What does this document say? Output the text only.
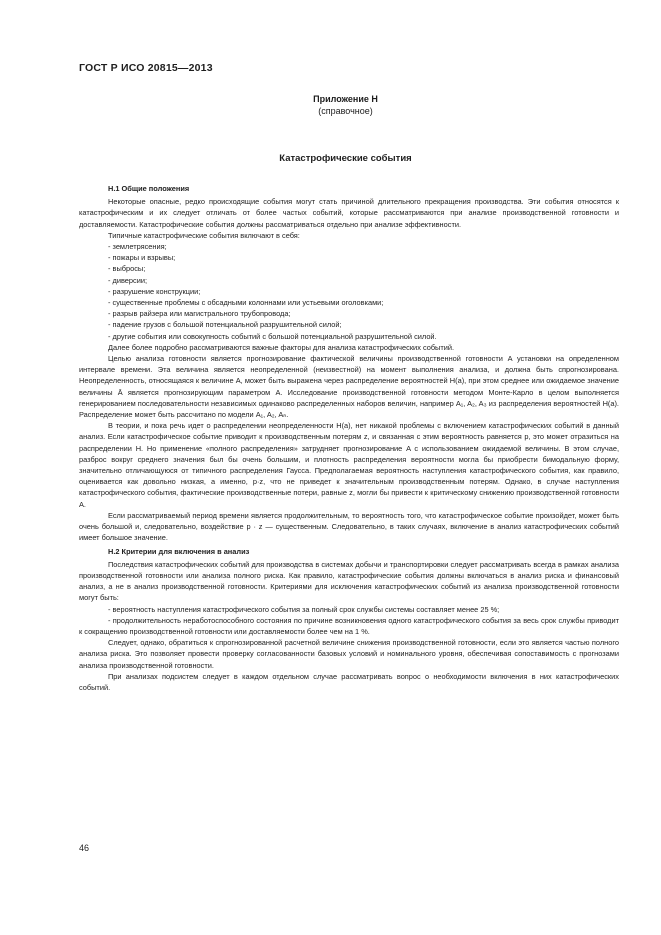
ГОСТ Р ИСО 20815—2013
Приложение Н
(справочное)
Катастрофические события

Н.1 Общие положения

Некоторые опасные, редко происходящие события могут стать причиной длительного прекращения производства. Эти события относятся к катастрофическим и их следует отличать от более частых событий, которые рассматриваются при анализе производственной готовности и доставляемости. Катастрофические события должны рассматриваться отдельно при анализе эффективности.

Типичные катастрофические события включают в себя:

- землетрясения;

- пожары и взрывы;

- выбросы;

- диверсии;

- разрушение конструкции;

- существенные проблемы с обсадными колоннами или устьевыми оголовками;

- разрыв райзера или магистрального трубопровода;

- падение грузов с большой потенциальной разрушительной силой;

- другие события или совокупность событий с большой потенциальной разрушительной силой.

Далее более подробно рассматриваются важные факторы для анализа катастрофических событий.

Целью анализа готовности является прогнозирование фактической величины производственной готовности A установки на определенном интервале времени. Эта величина является неопределенной (неизвестной) на момент выполнения анализа, и должна быть спрогнозирована. Неопределенность, относящаяся к величине A, может быть выражена через распределение вероятностей H(a), при этом среднее или ожидаемое значение величины Ā является прогнозирующим параметром A. Исследование производственной готовности методом Монте-Карло в целом выполняется генерированием последовательности независимых одинаково распределенных наборов величин, например A₁, A₂, A₃ из распределения вероятностей H(a). Распределение может быть рассчитано по модели A₁, A₂, Aₙ.

В теории, и пока речь идет о распределении неопределенности H(a), нет никакой проблемы с включением катастрофических событий в данный анализ. Если катастрофическое событие приводит к производственным потерям z, и связанная с этим вероятность равняется p, это может отразиться на распределении H. Но применение «полного распределения» затрудняет прогнозирование A с использованием ожидаемой величины. В этом случае, разброс вокруг среднего значения был бы очень большим, и плотность распределения вероятности могла бы приобрести бимодальную форму, значительно отличающуюся от типичного распределения Гаусса. Предполагаемая вероятность наступления катастрофического события, как правило, оценивается как довольно низкая, а именно, p·z, что не приведет к значительным производственным потерям. Однако, в случае наступления катастрофического события, фактические производственные потери, равные z, могли бы привести к критическому снижению производственной готовности A.

Если рассматриваемый период времени является продолжительным, то вероятность того, что катастрофическое событие произойдет, может быть очень большой и, следовательно, воздействие p · z — существенным. Следовательно, в таких случаях, включение в анализ катастрофических событий имеет большое значение.

Н.2 Критерии для включения в анализ

Последствия катастрофических событий для производства в системах добычи и транспортировки следует рассматривать всегда в рамках анализа производственной готовности или анализа полного риска. Как правило, катастрофические события должны включаться в анализ риска и финансовый анализ, а не в анализ производственной готовности. Критериями для исключения катастрофических событий из анализа производственной готовности могут быть:

- вероятность наступления катастрофического события за полный срок службы системы составляет менее 25 %;

- продолжительность неработоспособного состояния по причине возникновения одного катастрофического события за весь срок службы приводит к сокращению производственной готовности или доставляемости более чем на 1 %.

Следует, однако, обратиться к спрогнозированной расчетной величине снижения производственной готовности, если это является частью полного анализа риска. Это позволяет провести проверку согласованности базовых условий и номинального уровня, обеспечивая сопоставимость с прогнозами анализа производственной готовности.

При анализах подсистем следует в каждом отдельном случае рассматривать вопрос о необходимости включения в них катастрофических событий.

46
